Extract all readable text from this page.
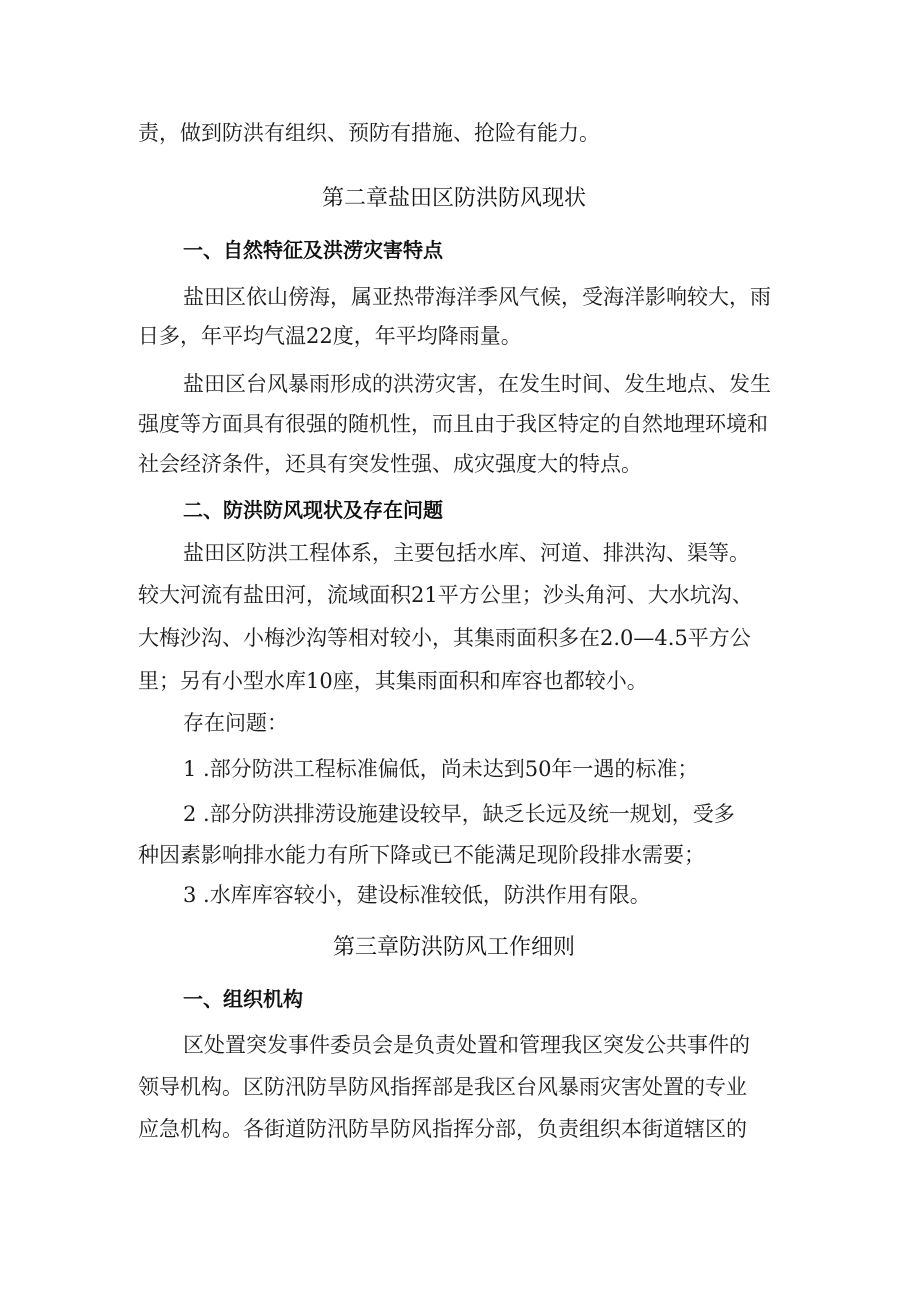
责，做到防洪有组织、预防有措施、抢险有能力。
第二章盐田区防洪防风现状
一、自然特征及洪涝灾害特点
盐田区依山傍海，属亚热带海洋季风气候，受海洋影响较大，雨
日多，年平均气温22度，年平均降雨量。
盐田区台风暴雨形成的洪涝灾害，在发生时间、发生地点、发生
强度等方面具有很强的随机性，而且由于我区特定的自然地理环境和
社会经济条件，还具有突发性强、成灾强度大的特点。
二、防洪防风现状及存在问题
盐田区防洪工程体系，主要包括水库、河道、排洪沟、渠等。
较大河流有盐田河，流域面积21平方公里；沙头角河、大水坑沟、
大梅沙沟、小梅沙沟等相对较小，其集雨面积多在2.0—4.5平方公
里；另有小型水库10座，其集雨面积和库容也都较小。
存在问题：
1 .部分防洪工程标准偏低，尚未达到50年一遇的标准；
2 .部分防洪排涝设施建设较早，缺乏长远及统一规划，受多
种因素影响排水能力有所下降或已不能满足现阶段排水需要；
3 .水库库容较小，建设标准较低，防洪作用有限。
第三章防洪防风工作细则
一、组织机构
区处置突发事件委员会是负责处置和管理我区突发公共事件的
领导机构。区防汛防旱防风指挥部是我区台风暴雨灾害处置的专业
应急机构。各街道防汛防旱防风指挥分部，负责组织本街道辖区的
